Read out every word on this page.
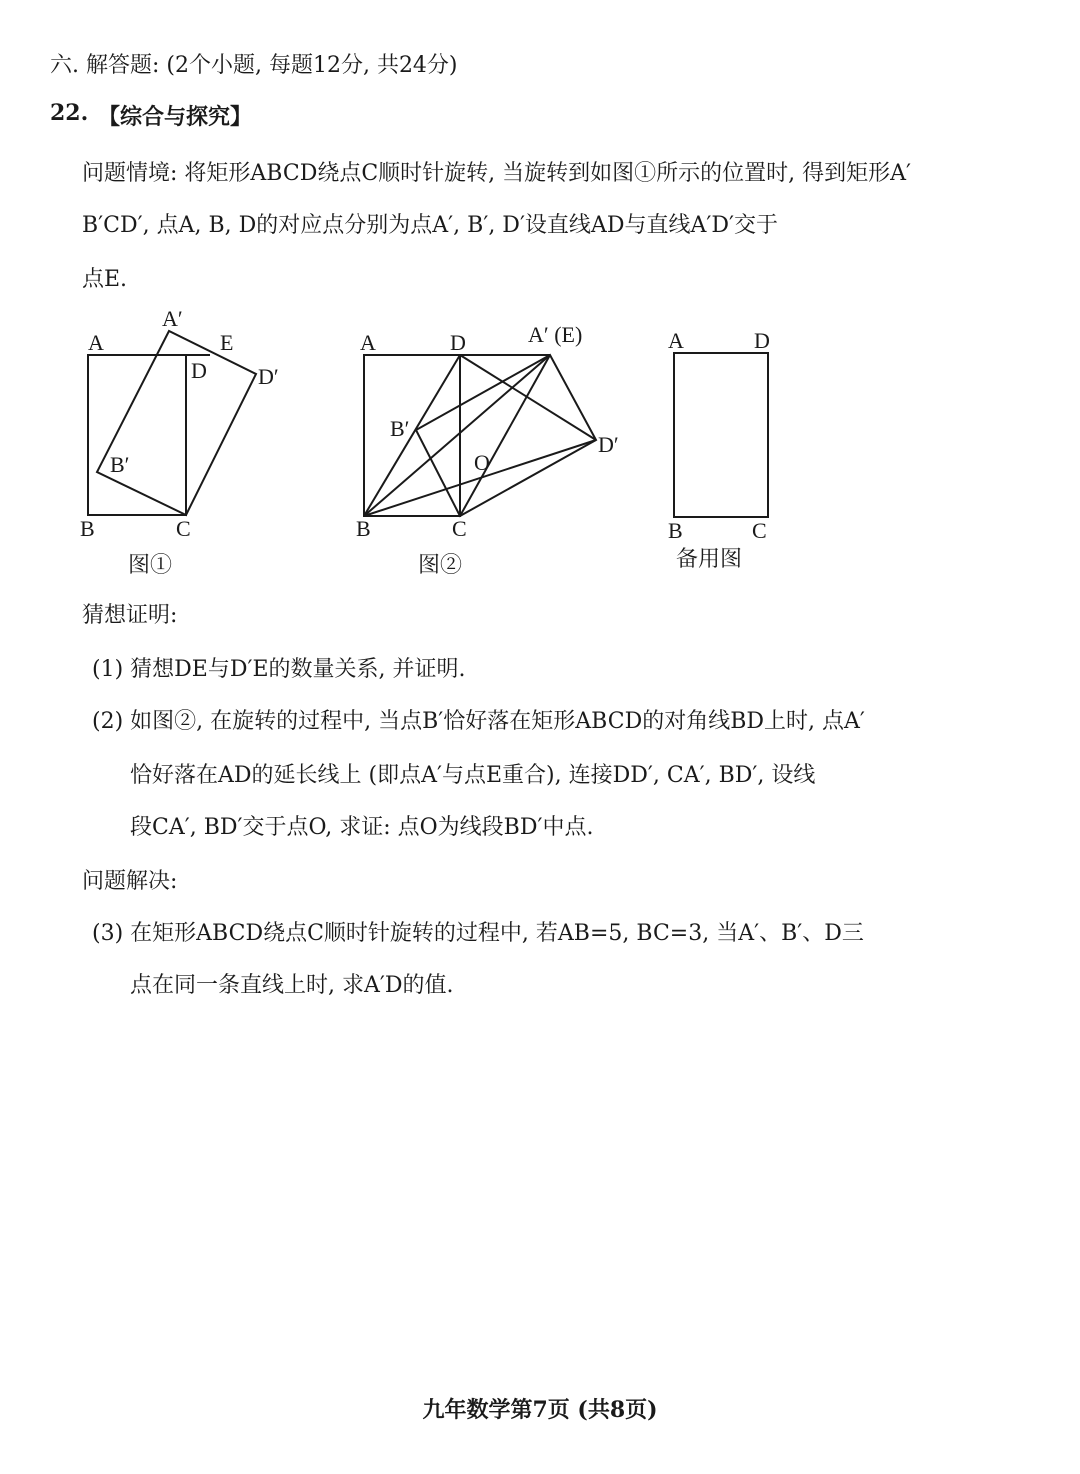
六. 解答题: (2个小题, 每题12分, 共24分)
22. 【综合与探究】
问题情境: 将矩形ABCD绕点C顺时针旋转, 当旋转到如图①所示的位置时, 得到矩形A′
B′CD′, 点A, B, D的对应点分别为点A′, B′, D′设直线AD与直线A′D′交于
点E.
A
A′
E
D D′
B′
B	C
图①
A	D	A′ (E)
B′
D′
O
B	C
图②
A	D
B	C
备用图
猜想证明:
(1) 猜想DE与D′E的数量关系, 并证明.
(2) 如图②, 在旋转的过程中, 当点B′恰好落在矩形ABCD的对角线BD上时, 点A′
恰好落在AD的延长线上 (即点A′与点E重合), 连接DD′, CA′, BD′, 设线
段CA′, BD′交于点O, 求证: 点O为线段BD′中点.
问题解决:
(3) 在矩形ABCD绕点C顺时针旋转的过程中, 若AB=5, BC=3, 当A′、B′、D三
点在同一条直线上时, 求A′D的值.
九年数学第7页 (共8页)
